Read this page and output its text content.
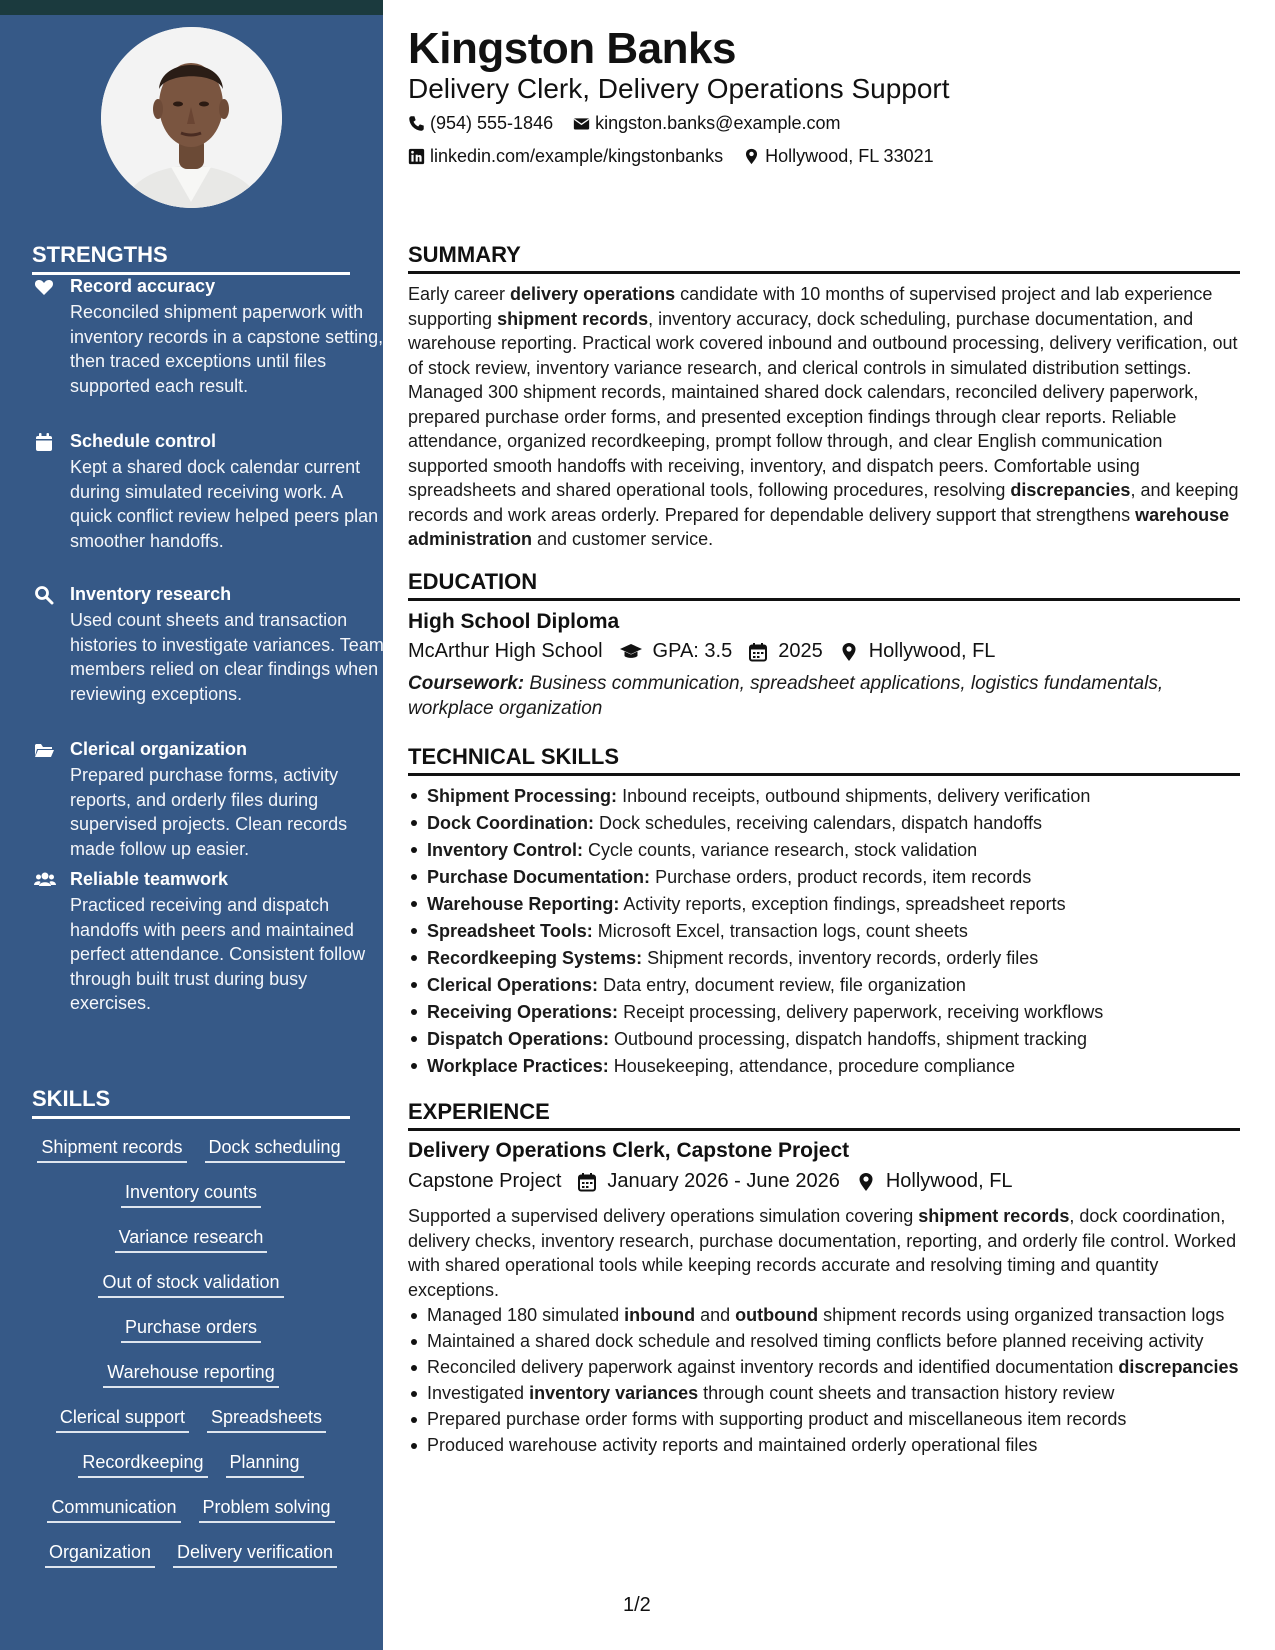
STRENGTHS
Record accuracy
Reconciled shipment paperwork with inventory records in a capstone setting, then traced exceptions until files supported each result.
Schedule control
Kept a shared dock calendar current during simulated receiving work. A quick conflict review helped peers plan smoother handoffs.
Inventory research
Used count sheets and transaction histories to investigate variances. Team members relied on clear findings when reviewing exceptions.
Clerical organization
Prepared purchase forms, activity reports, and orderly files during supervised projects. Clean records made follow up easier.
Reliable teamwork
Practiced receiving and dispatch handoffs with peers and maintained perfect attendance. Consistent follow through built trust during busy exercises.
SKILLS
Shipment records Dock scheduling
Inventory counts
Variance research
Out of stock validation
Purchase orders
Warehouse reporting
Clerical support Spreadsheets
Recordkeeping Planning
Communication Problem solving
Organization Delivery verification
Kingston Banks
Delivery Clerk, Delivery Operations Support
(954) 555-1846 kingston.banks@example.com
linkedin.com/example/kingstonbanks Hollywood, FL 33021
SUMMARY
Early career delivery operations candidate with 10 months of supervised project and lab experience supporting shipment records, inventory accuracy, dock scheduling, purchase documentation, and warehouse reporting. Practical work covered inbound and outbound processing, delivery verification, out of stock review, inventory variance research, and clerical controls in simulated distribution settings. Managed 300 shipment records, maintained shared dock calendars, reconciled delivery paperwork, prepared purchase order forms, and presented exception findings through clear reports. Reliable attendance, organized recordkeeping, prompt follow through, and clear English communication supported smooth handoffs with receiving, inventory, and dispatch peers. Comfortable using spreadsheets and shared operational tools, following procedures, resolving discrepancies, and keeping records and work areas orderly. Prepared for dependable delivery support that strengthens warehouse administration and customer service.
EDUCATION
High School Diploma
McArthur High School	GPA: 3.5 2025 Hollywood, FL
Coursework: Business communication, spreadsheet applications, logistics fundamentals, workplace organization
TECHNICAL SKILLS
Shipment Processing: Inbound receipts, outbound shipments, delivery verification
Dock Coordination: Dock schedules, receiving calendars, dispatch handoffs
Inventory Control: Cycle counts, variance research, stock validation
Purchase Documentation: Purchase orders, product records, item records
Warehouse Reporting: Activity reports, exception findings, spreadsheet reports
Spreadsheet Tools: Microsoft Excel, transaction logs, count sheets
Recordkeeping Systems: Shipment records, inventory records, orderly files
Clerical Operations: Data entry, document review, file organization
Receiving Operations: Receipt processing, delivery paperwork, receiving workflows
Dispatch Operations: Outbound processing, dispatch handoffs, shipment tracking
Workplace Practices: Housekeeping, attendance, procedure compliance
EXPERIENCE
Delivery Operations Clerk, Capstone Project
Capstone Project January 2026 - June 2026 Hollywood, FL
Supported a supervised delivery operations simulation covering shipment records, dock coordination, delivery checks, inventory research, purchase documentation, reporting, and orderly file control. Worked with shared operational tools while keeping records accurate and resolving timing and quantity exceptions.
Managed 180 simulated inbound and outbound shipment records using organized transaction logs
Maintained a shared dock schedule and resolved timing conflicts before planned receiving activity
Reconciled delivery paperwork against inventory records and identified documentation discrepancies
Investigated inventory variances through count sheets and transaction history review
Prepared purchase order forms with supporting product and miscellaneous item records
Produced warehouse activity reports and maintained orderly operational files
1/2
